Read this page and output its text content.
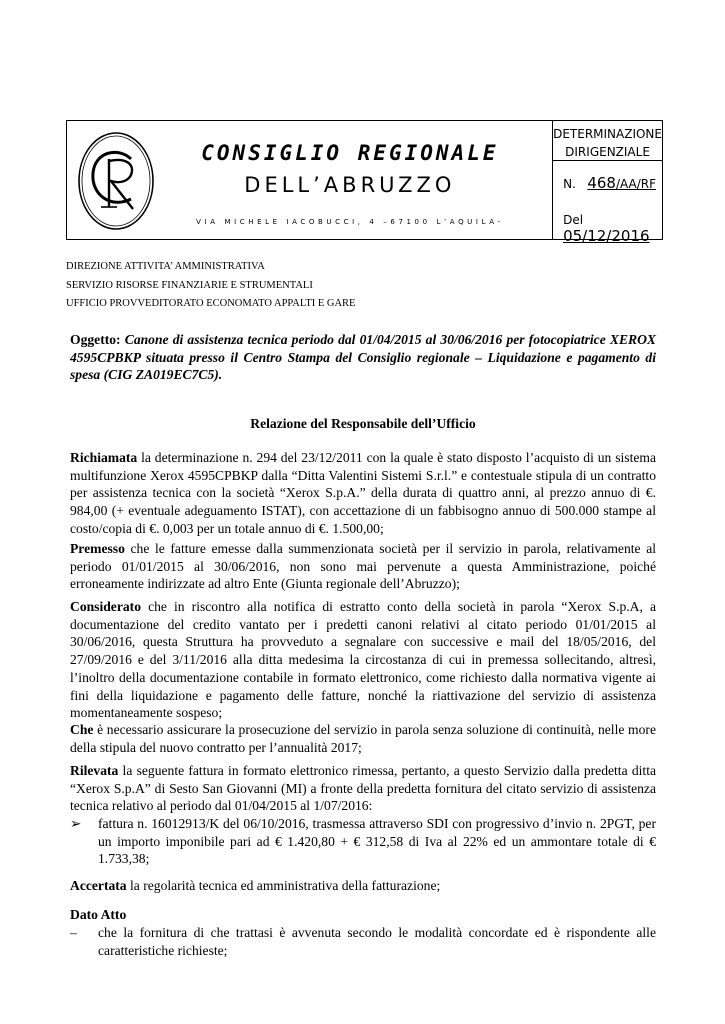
CONSIGLIO REGIONALE
DELL’ABRUZZO
VIA MICHELE IACOBUCCI, 4 –67100 L’AQUILA-
DETERMINAZIONE
DIRIGENZIALE
N. 468/AA/RF
Del  05/12/2016
DIREZIONE ATTIVITA’ AMMINISTRATIVA
SERVIZIO RISORSE FINANZIARIE E STRUMENTALI
UFFICIO PROVVEDITORATO ECONOMATO APPALTI E GARE
Oggetto: Canone di assistenza tecnica periodo dal 01/04/2015 al 30/06/2016 per fotocopiatrice XEROX 4595CPBKP situata presso il Centro Stampa del Consiglio regionale – Liquidazione e pagamento di spesa (CIG ZA019EC7C5).
Relazione del Responsabile dell’Ufficio
Richiamata la determinazione n. 294 del 23/12/2011 con la quale è stato disposto l’acquisto di un sistema multifunzione Xerox 4595CPBKP dalla “Ditta Valentini Sistemi S.r.l.” e contestuale stipula di un contratto per assistenza tecnica con la società “Xerox S.p.A.” della durata di quattro anni, al prezzo annuo di €. 984,00 (+ eventuale adeguamento ISTAT), con accettazione di un fabbisogno annuo di 500.000 stampe al costo/copia di €. 0,003 per un totale annuo di €. 1.500,00;
Premesso che le fatture emesse dalla summenzionata società per il servizio in parola, relativamente al periodo 01/01/2015 al 30/06/2016, non sono mai pervenute a questa Amministrazione, poiché erroneamente indirizzate ad altro Ente (Giunta regionale dell’Abruzzo);
Considerato che in riscontro alla notifica di estratto conto della società in parola “Xerox S.p.A, a documentazione del credito vantato per i predetti canoni relativi al citato periodo 01/01/2015 al 30/06/2016, questa Struttura ha provveduto a segnalare con successive e mail del 18/05/2016, del 27/09/2016 e del 3/11/2016 alla ditta medesima la circostanza di cui in premessa sollecitando, altresì, l’inoltro della documentazione contabile in formato elettronico, come richiesto dalla normativa vigente ai fini della liquidazione e pagamento delle fatture, nonché la riattivazione del servizio di assistenza momentaneamente sospeso;
Che è necessario assicurare la prosecuzione del servizio in parola senza soluzione di continuità, nelle more della stipula del nuovo contratto per l’annualità 2017;
Rilevata la seguente fattura in formato elettronico rimessa, pertanto, a questo Servizio dalla predetta ditta “Xerox S.p.A” di Sesto San Giovanni (MI) a fronte della predetta fornitura del citato servizio di assistenza tecnica relativo al periodo dal 01/04/2015 al 1/07/2016:
➢	fattura n. 16012913/K del 06/10/2016, trasmessa attraverso SDI con progressivo d’invio n. 2PGT, per un importo imponibile pari ad € 1.420,80 + € 312,58 di Iva al 22% ed un ammontare totale di € 1.733,38;
Accertata la regolarità tecnica ed amministrativa della fatturazione;
Dato Atto
–	che la fornitura di che trattasi è avvenuta secondo le modalità concordate ed è rispondente alle caratteristiche richieste;
